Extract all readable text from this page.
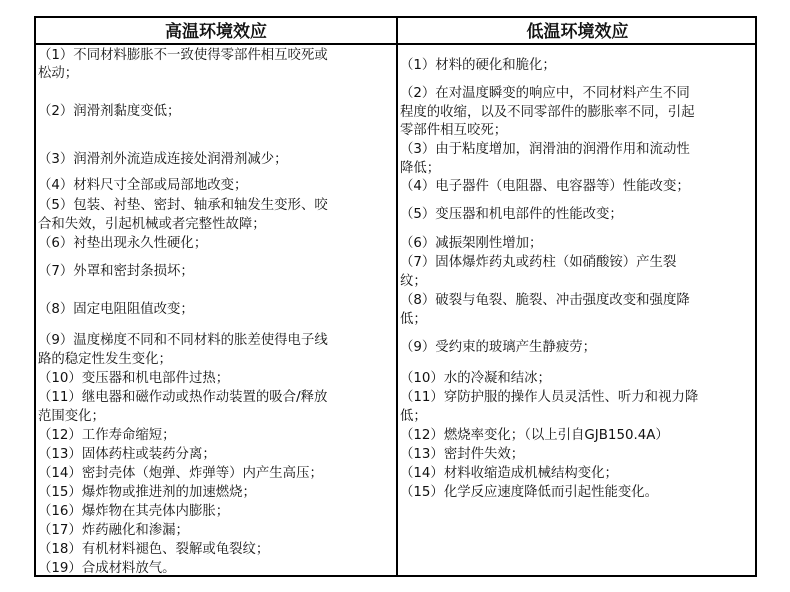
高温环境效应	低温环境效应
（1）不同材料膨胀不一致使得零部件相互咬死或
松动；
（2）润滑剂黏度变低；
（3）润滑剂外流造成连接处润滑剂减少；
（4）材料尺寸全部或局部地改变；
（5）包装、衬垫、密封、轴承和轴发生变形、咬
合和失效，引起机械或者完整性故障；
（6）衬垫出现永久性硬化；
（7）外罩和密封条损坏；
（8）固定电阻阻值改变；
（9）温度梯度不同和不同材料的胀差使得电子线
路的稳定性发生变化；
（10）变压器和机电部件过热；
（11）继电器和磁作动或热作动装置的吸合/释放
范围变化；
（12）工作寿命缩短；
（13）固体药柱或装药分离；
（14）密封壳体（炮弹、炸弹等）内产生高压；
（15）爆炸物或推进剂的加速燃烧；
（16）爆炸物在其壳体内膨胀；
（17）炸药融化和渗漏；
（18）有机材料褪色、裂解或龟裂纹；
（19）合成材料放气。
（1）材料的硬化和脆化；
（2）在对温度瞬变的响应中，不同材料产生不同
程度的收缩，以及不同零部件的膨胀率不同，引起
零部件相互咬死；
（3）由于粘度增加，润滑油的润滑作用和流动性
降低；
（4）电子器件（电阻器、电容器等）性能改变；
（5）变压器和机电部件的性能改变；
（6）减振架刚性增加；
（7）固体爆炸药丸或药柱（如硝酸铵）产生裂
纹；
（8）破裂与龟裂、脆裂、冲击强度改变和强度降
低；
（9）受约束的玻璃产生静疲劳；
（10）水的冷凝和结冰；
（11）穿防护服的操作人员灵活性、听力和视力降
低；
（12）燃烧率变化；（以上引自GJB150.4A）
（13）密封件失效；
（14）材料收缩造成机械结构变化；
（15）化学反应速度降低而引起性能变化。
